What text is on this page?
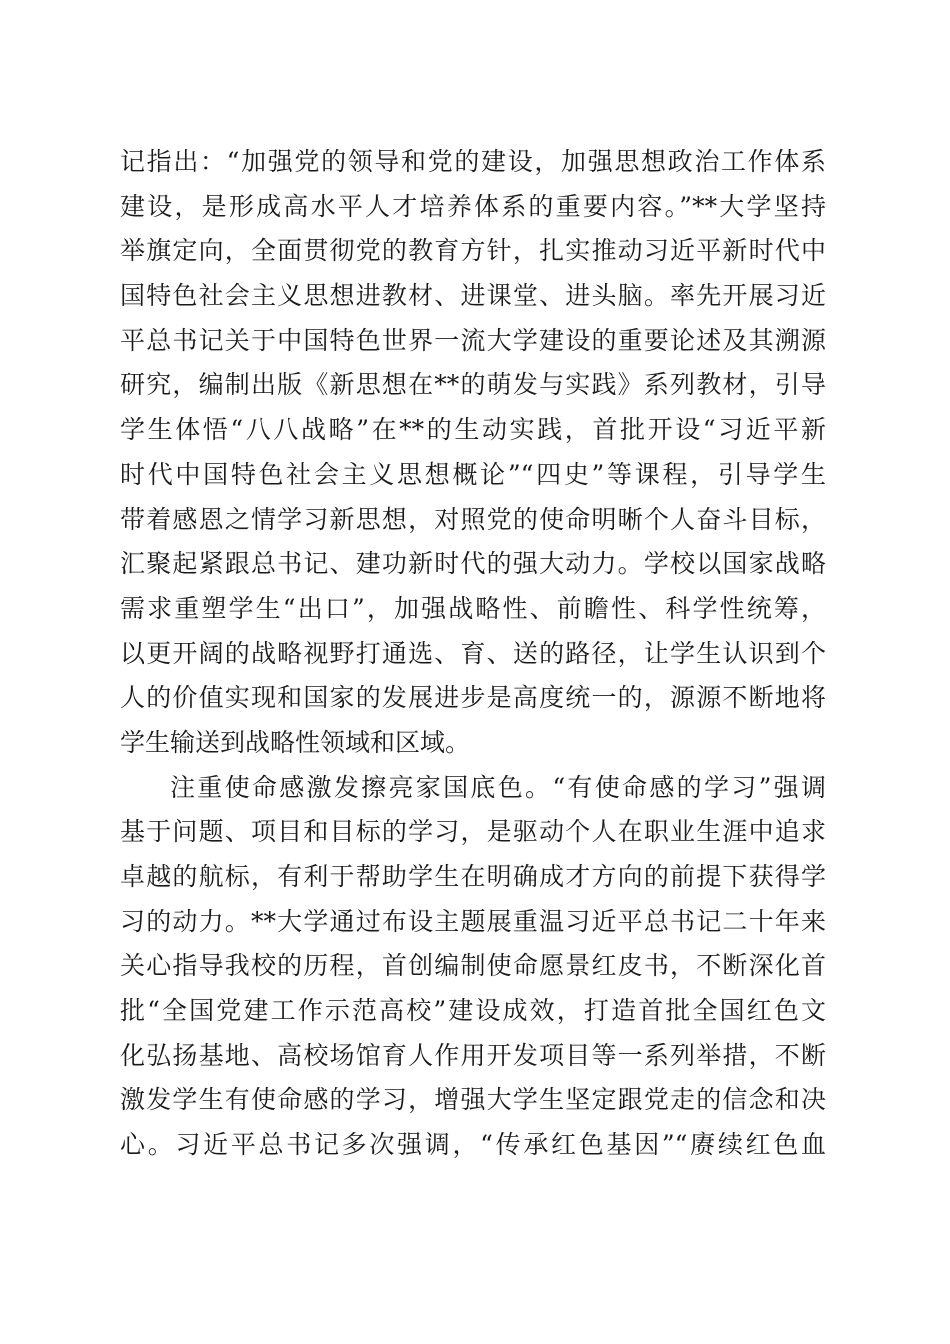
记指出：“加强党的领导和党的建设，加强思想政治工作体系
建设，是形成高水平人才培养体系的重要内容。”**大学坚持
举旗定向，全面贯彻党的教育方针，扎实推动习近平新时代中
国特色社会主义思想进教材、进课堂、进头脑。率先开展习近
平总书记关于中国特色世界一流大学建设的重要论述及其溯源
研究，编制出版《新思想在**的萌发与实践》系列教材，引导
学生体悟“八八战略”在**的生动实践，首批开设“习近平新
时代中国特色社会主义思想概论”“四史”等课程，引导学生
带着感恩之情学习新思想，对照党的使命明晰个人奋斗目标，
汇聚起紧跟总书记、建功新时代的强大动力。学校以国家战略
需求重塑学生“出口”，加强战略性、前瞻性、科学性统筹，
以更开阔的战略视野打通选、育、送的路径，让学生认识到个
人的价值实现和国家的发展进步是高度统一的，源源不断地将
学生输送到战略性领域和区域。
注重使命感激发擦亮家国底色。“有使命感的学习”强调
基于问题、项目和目标的学习，是驱动个人在职业生涯中追求
卓越的航标，有利于帮助学生在明确成才方向的前提下获得学
习的动力。**大学通过布设主题展重温习近平总书记二十年来
关心指导我校的历程，首创编制使命愿景红皮书，不断深化首
批“全国党建工作示范高校”建设成效，打造首批全国红色文
化弘扬基地、高校场馆育人作用开发项目等一系列举措，不断
激发学生有使命感的学习，增强大学生坚定跟党走的信念和决
心。习近平总书记多次强调，“传承红色基因”“赓续红色血
